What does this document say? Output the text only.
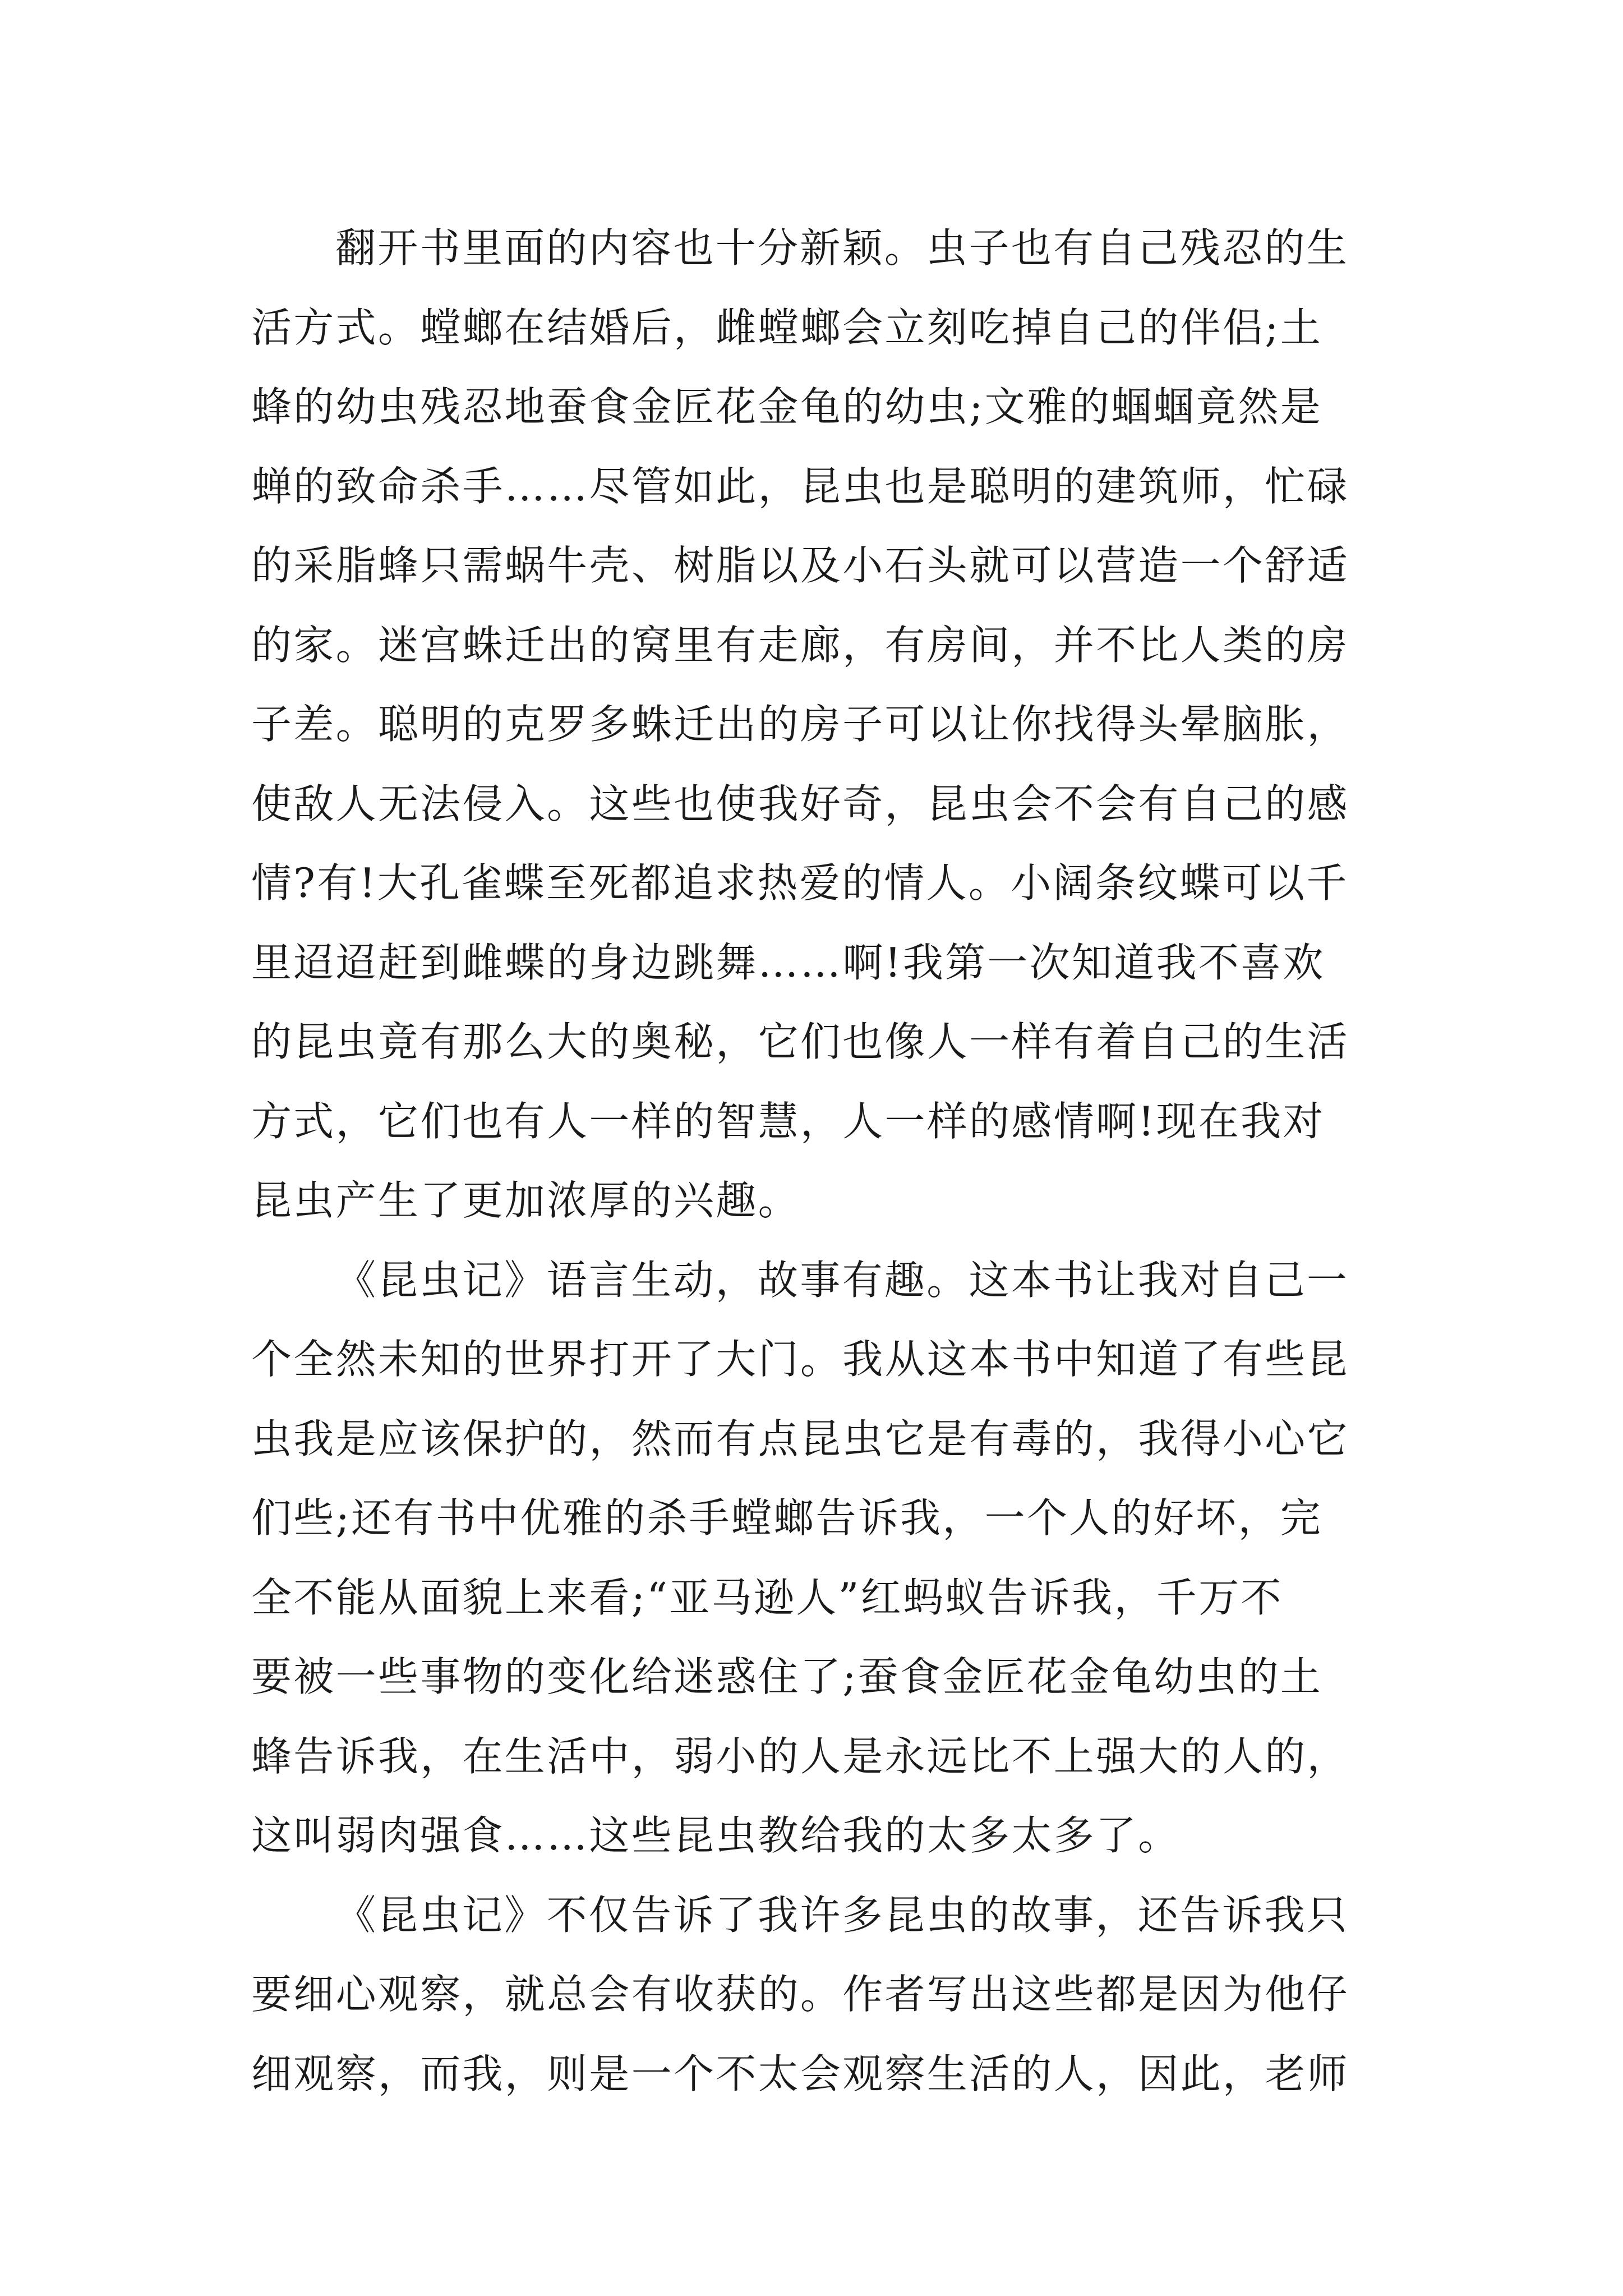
翻开书里面的内容也十分新颖。虫子也有自己残忍的生
活方式。螳螂在结婚后，雌螳螂会立刻吃掉自己的伴侣;土
蜂的幼虫残忍地蚕食金匠花金龟的幼虫;文雅的蝈蝈竟然是
蝉的致命杀手……尽管如此，昆虫也是聪明的建筑师，忙碌
的采脂蜂只需蜗牛壳、树脂以及小石头就可以营造一个舒适
的家。迷宫蛛迁出的窝里有走廊，有房间，并不比人类的房
子差。聪明的克罗多蛛迁出的房子可以让你找得头晕脑胀，
使敌人无法侵入。这些也使我好奇，昆虫会不会有自己的感
情?有!大孔雀蝶至死都追求热爱的情人。小阔条纹蝶可以千
里迢迢赶到雌蝶的身边跳舞……啊!我第一次知道我不喜欢
的昆虫竟有那么大的奥秘，它们也像人一样有着自己的生活
方式，它们也有人一样的智慧，人一样的感情啊!现在我对
昆虫产生了更加浓厚的兴趣。
《昆虫记》语言生动，故事有趣。这本书让我对自己一
个全然未知的世界打开了大门。我从这本书中知道了有些昆
虫我是应该保护的，然而有点昆虫它是有毒的，我得小心它
们些;还有书中优雅的杀手螳螂告诉我，一个人的好坏，完
全不能从面貌上来看;“亚马逊人”红蚂蚁告诉我，千万不
要被一些事物的变化给迷惑住了;蚕食金匠花金龟幼虫的土
蜂告诉我，在生活中，弱小的人是永远比不上强大的人的，
这叫弱肉强食……这些昆虫教给我的太多太多了。
《昆虫记》不仅告诉了我许多昆虫的故事，还告诉我只
要细心观察，就总会有收获的。作者写出这些都是因为他仔
细观察，而我，则是一个不太会观察生活的人，因此，老师
